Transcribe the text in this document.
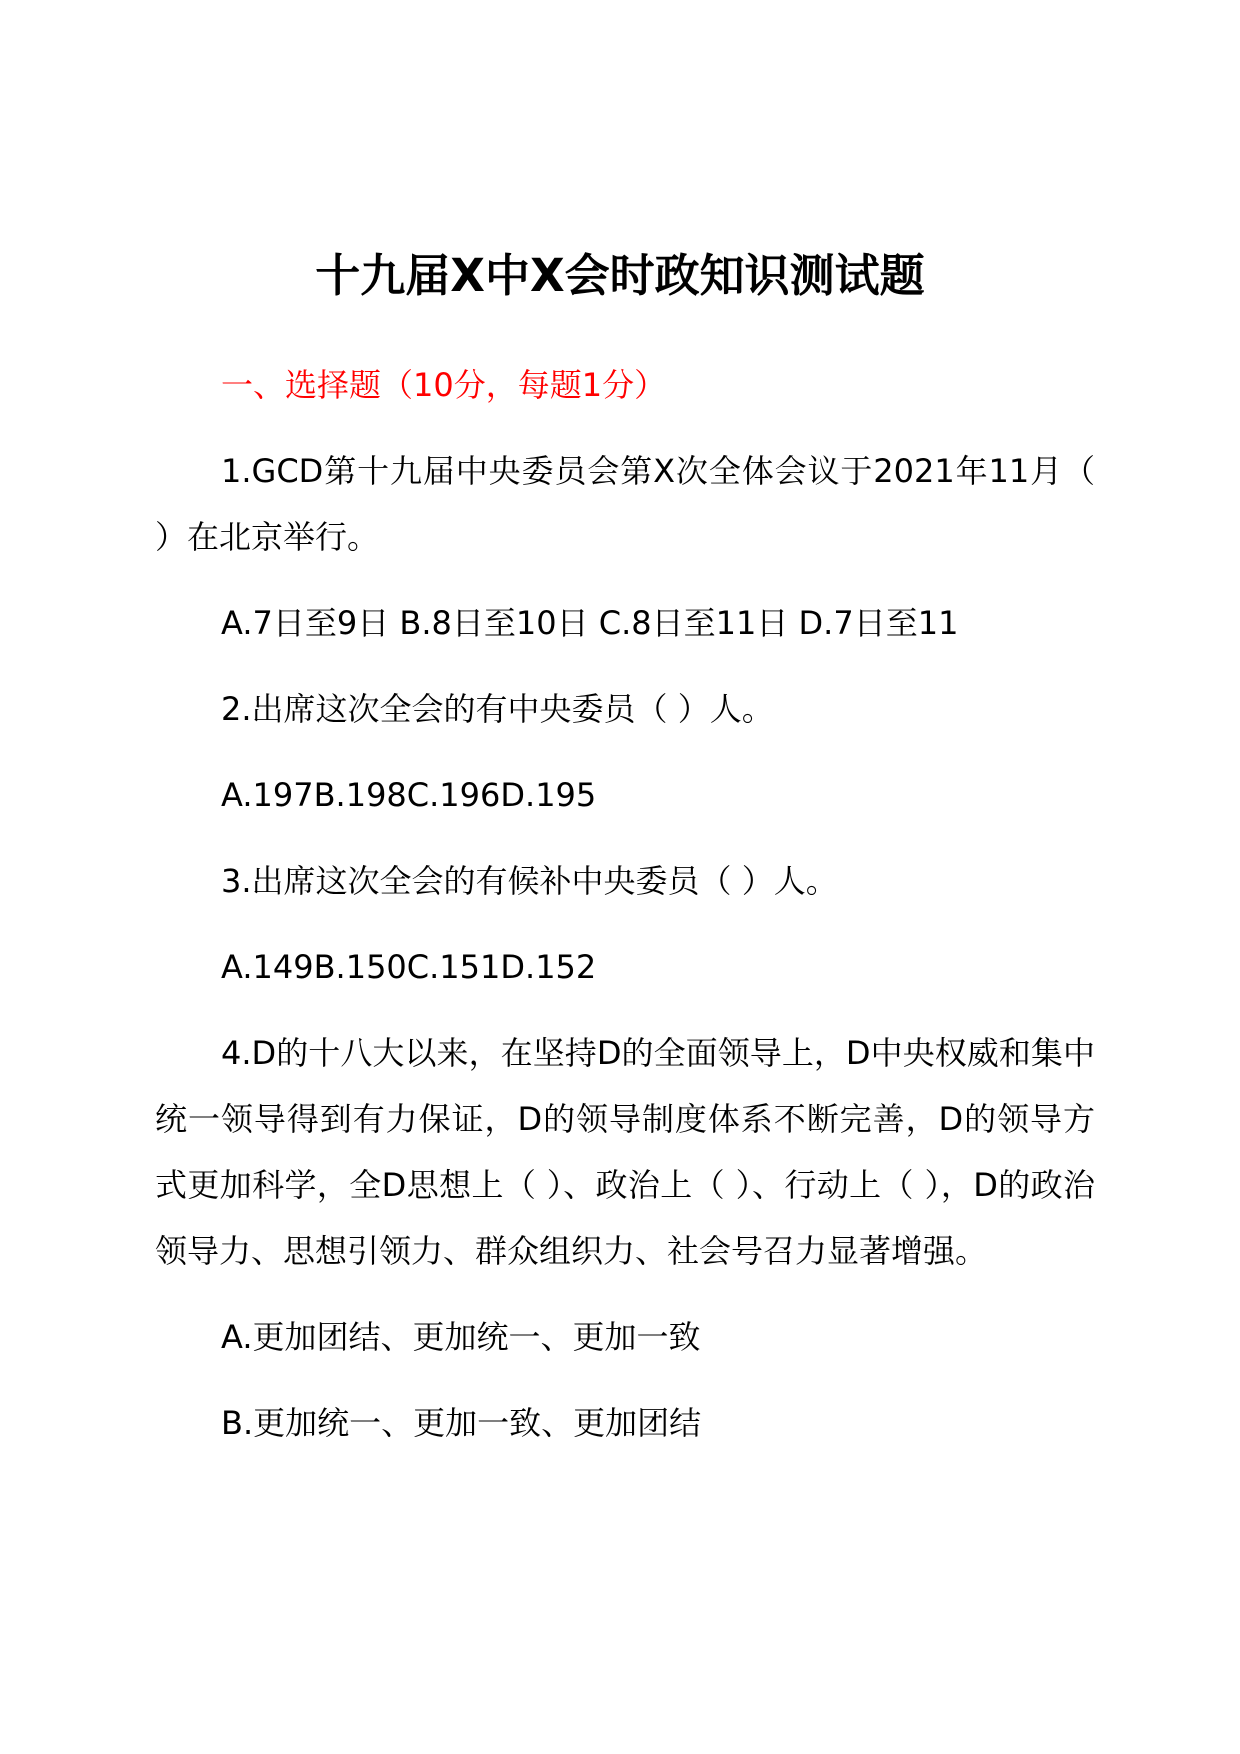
十九届X中X会时政知识测试题

一、选择题（10分，每题1分）

1.GCD第十九届中央委员会第X次全体会议于2021年11月（ ）在北京举行。

A.7日至9日 B.8日至10日 C.8日至11日 D.7日至11

2.出席这次全会的有中央委员（ ）人。

A.197B.198C.196D.195

3.出席这次全会的有候补中央委员（ ）人。

A.149B.150C.151D.152

4.D的十八大以来，在坚持D的全面领导上，D中央权威和集中统一领导得到有力保证，D的领导制度体系不断完善，D的领导方式更加科学，全D思想上（ ）、政治上（ ）、行动上（ ），D的政治领导力、思想引领力、群众组织力、社会号召力显著增强。

A.更加团结、更加统一、更加一致

B.更加统一、更加一致、更加团结
